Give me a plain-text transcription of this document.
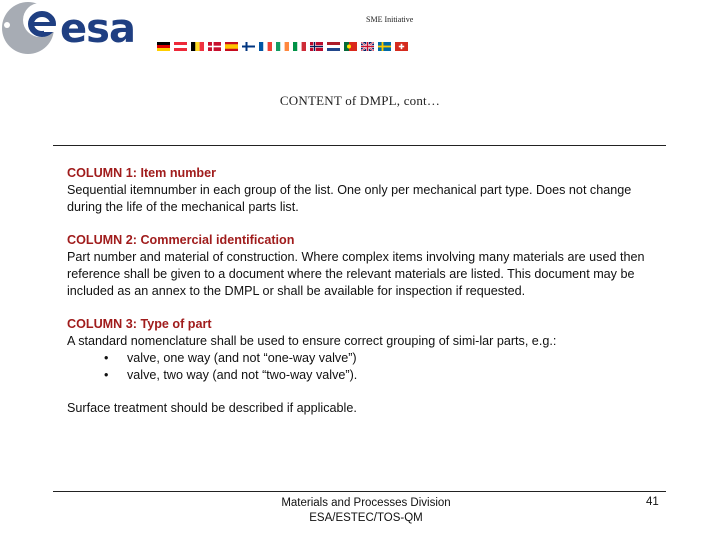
esa	SME Initiative
CONTENT of DMPL, cont…
COLUMN 1: Item number
Sequential itemnumber in each group of the list. One only per mechanical part type. Does not change during the life of the mechanical parts list.
COLUMN 2: Commercial identification
Part number and material of construction. Where complex items involving many materials are used then reference shall be given to a document where the relevant materials are listed. This document may be included as an annex to the DMPL or shall be available for inspection if requested.
COLUMN 3: Type of part
A standard nomenclature shall be used to ensure correct grouping of simi-lar parts, e.g.:
• valve, one way (and not “one-way valve”)
• valve, two way (and not “two-way valve”).
Surface treatment should be described if applicable.
Materials and Processes Division
ESA/ESTEC/TOS-QM
41
